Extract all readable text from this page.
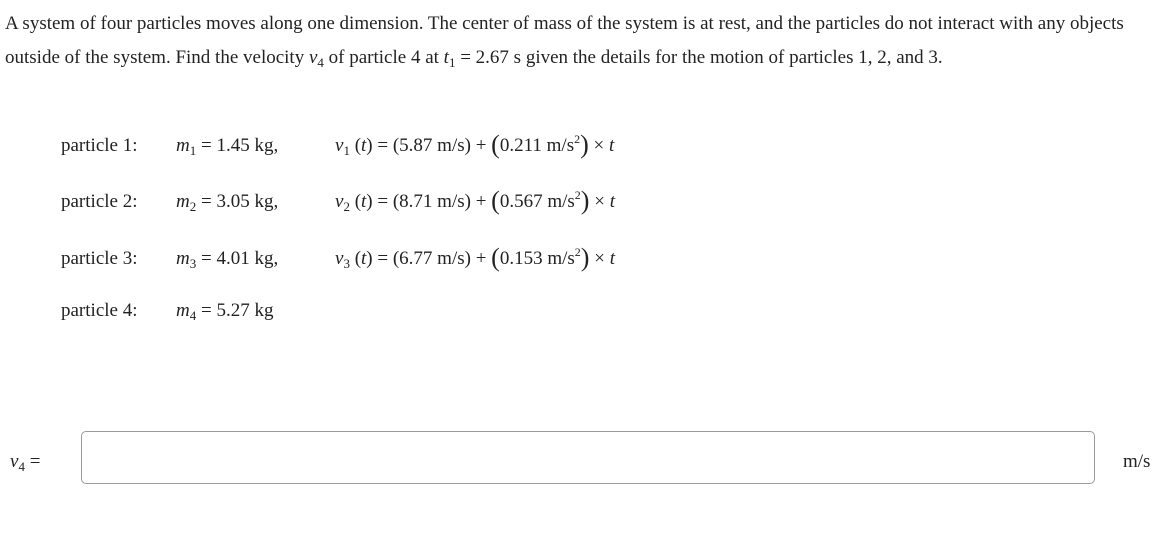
A system of four particles moves along one dimension. The center of mass of the system is at rest, and the particles do not interact with any objects outside of the system. Find the velocity $v_4$ of particle 4 at $t_1 = 2.67$ s given the details for the motion of particles 1, 2, and 3.

particle 1: $m_1 = 1.45$ kg,	$v_1$ (t) = (5.87 m/s) + (0.211 $m/s^2) \times t$
particle 2: $m_2 = 3.05$ kg,	$v_2$ (t) = (8.71 m/s) + (0.567 $m/s^2) \times t$
particle 3: $m_3 = 4.01$ kg,	$v_3$ (t) = (6.77 m/s) + (0.153 $m/s^2) \times t$
particle 4: $m_4 = 5.27$ kg
$v_4$ =	m/s
